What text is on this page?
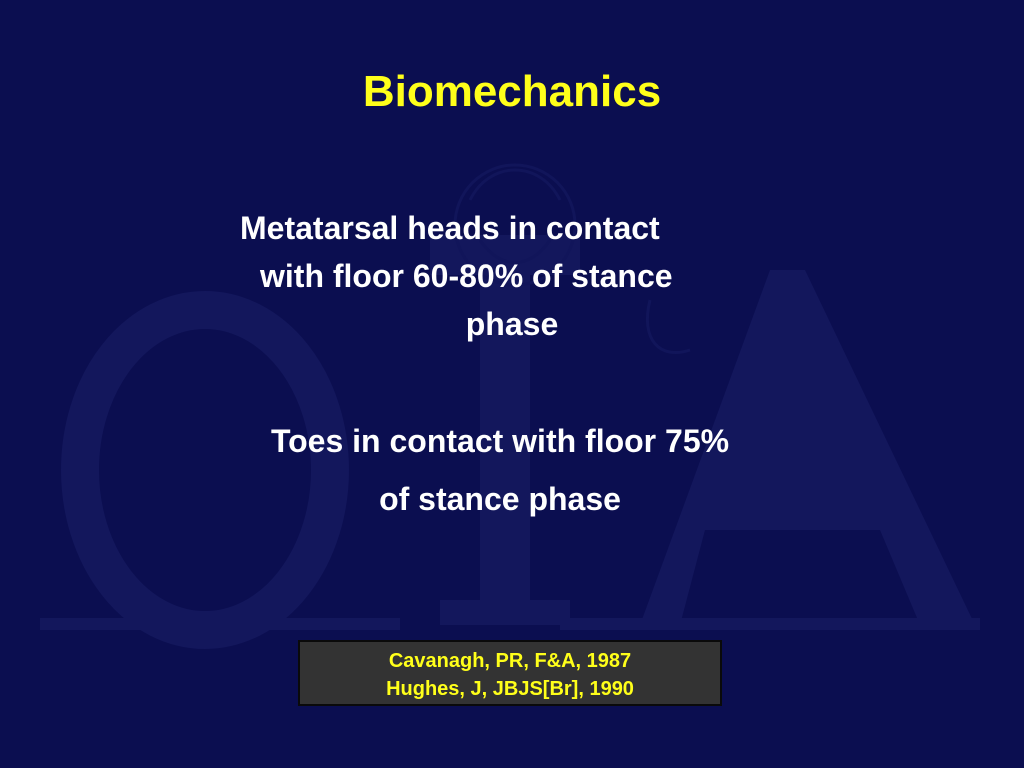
Biomechanics
Metatarsal heads in contact
with floor 60-80% of stance
phase
Toes in contact with floor 75%
of stance phase
Cavanagh, PR, F&A, 1987
Hughes, J, JBJS[Br], 1990
